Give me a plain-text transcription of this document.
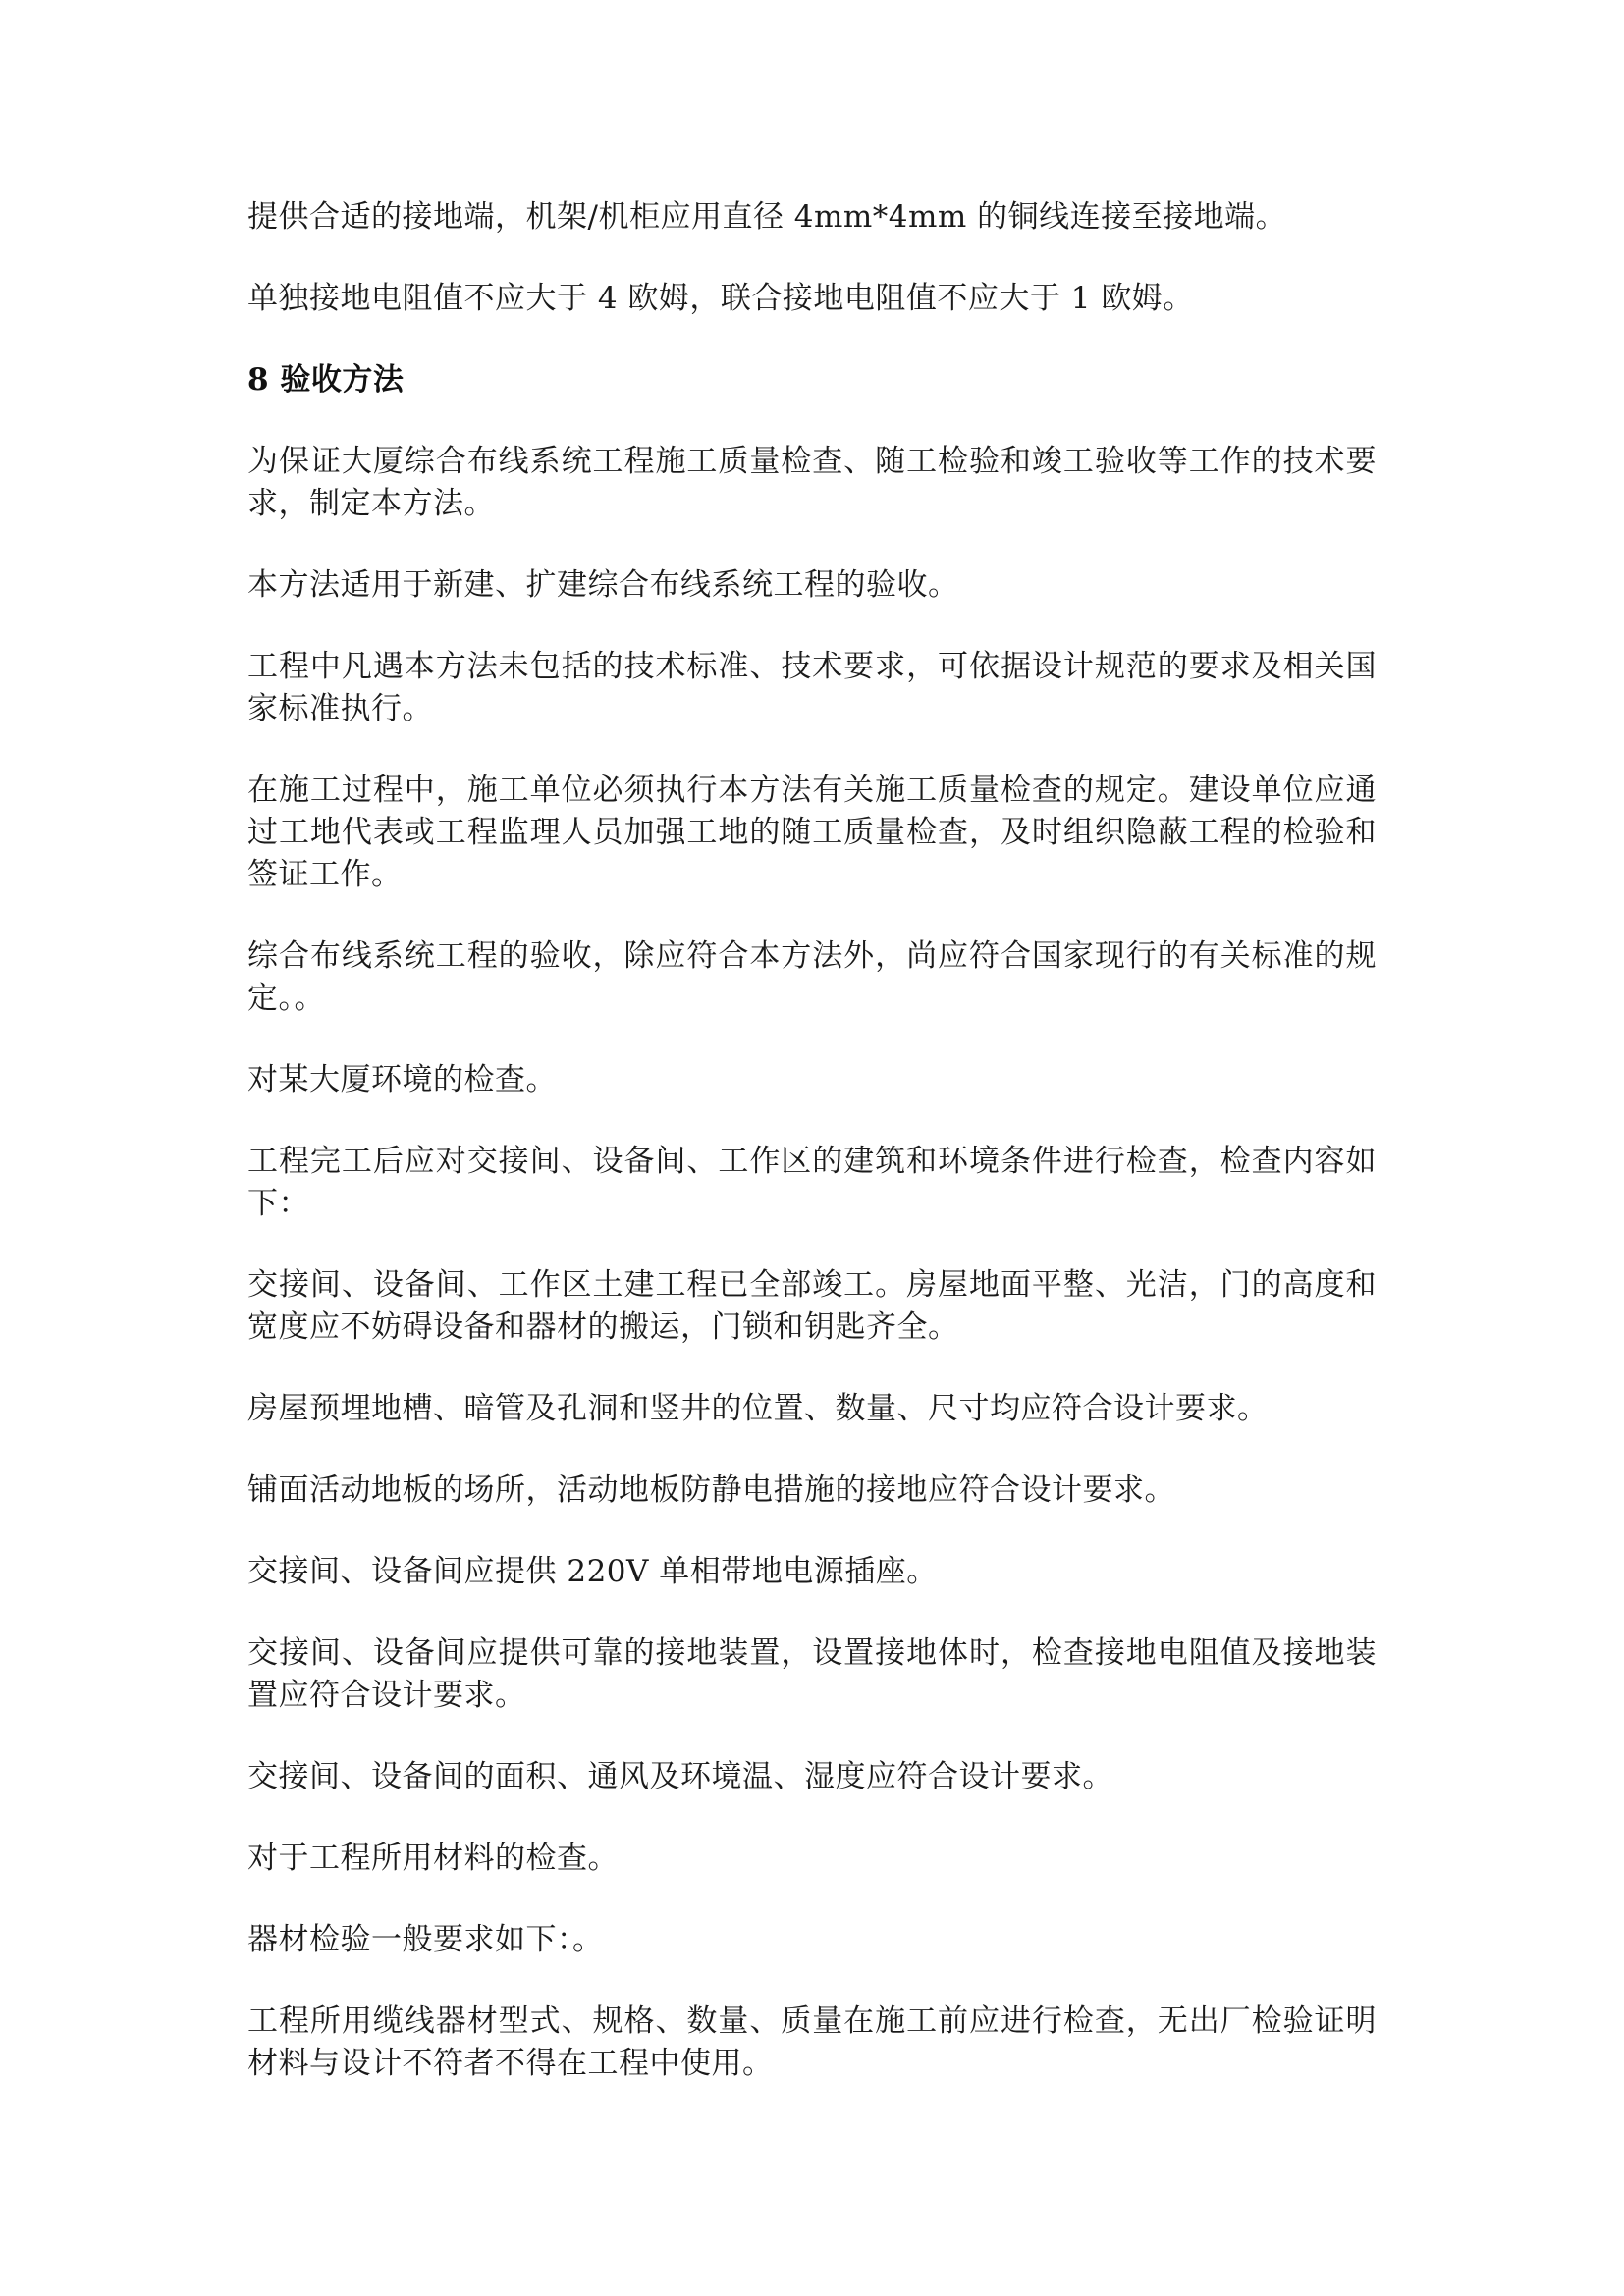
提供合适的接地端，机架/机柜应用直径 4mm*4mm 的铜线连接至接地端。

单独接地电阻值不应大于 4 欧姆，联合接地电阻值不应大于 1 欧姆。

8 验收方法

为保证大厦综合布线系统工程施工质量检查、随工检验和竣工验收等工作的技术要求，制定本方法。

本方法适用于新建、扩建综合布线系统工程的验收。

工程中凡遇本方法未包括的技术标准、技术要求，可依据设计规范的要求及相关国家标准执行。

在施工过程中，施工单位必须执行本方法有关施工质量检查的规定。建设单位应通过工地代表或工程监理人员加强工地的随工质量检查，及时组织隐蔽工程的检验和签证工作。

综合布线系统工程的验收，除应符合本方法外，尚应符合国家现行的有关标准的规定。。

对某大厦环境的检查。

工程完工后应对交接间、设备间、工作区的建筑和环境条件进行检查，检查内容如下：

交接间、设备间、工作区土建工程已全部竣工。房屋地面平整、光洁，门的高度和宽度应不妨碍设备和器材的搬运，门锁和钥匙齐全。

房屋预埋地槽、暗管及孔洞和竖井的位置、数量、尺寸均应符合设计要求。

铺面活动地板的场所，活动地板防静电措施的接地应符合设计要求。

交接间、设备间应提供 220V 单相带地电源插座。

交接间、设备间应提供可靠的接地装置，设置接地体时，检查接地电阻值及接地装置应符合设计要求。

交接间、设备间的面积、通风及环境温、湿度应符合设计要求。

对于工程所用材料的检查。

器材检验一般要求如下：。

工程所用缆线器材型式、规格、数量、质量在施工前应进行检查，无出厂检验证明材料与设计不符者不得在工程中使用。
